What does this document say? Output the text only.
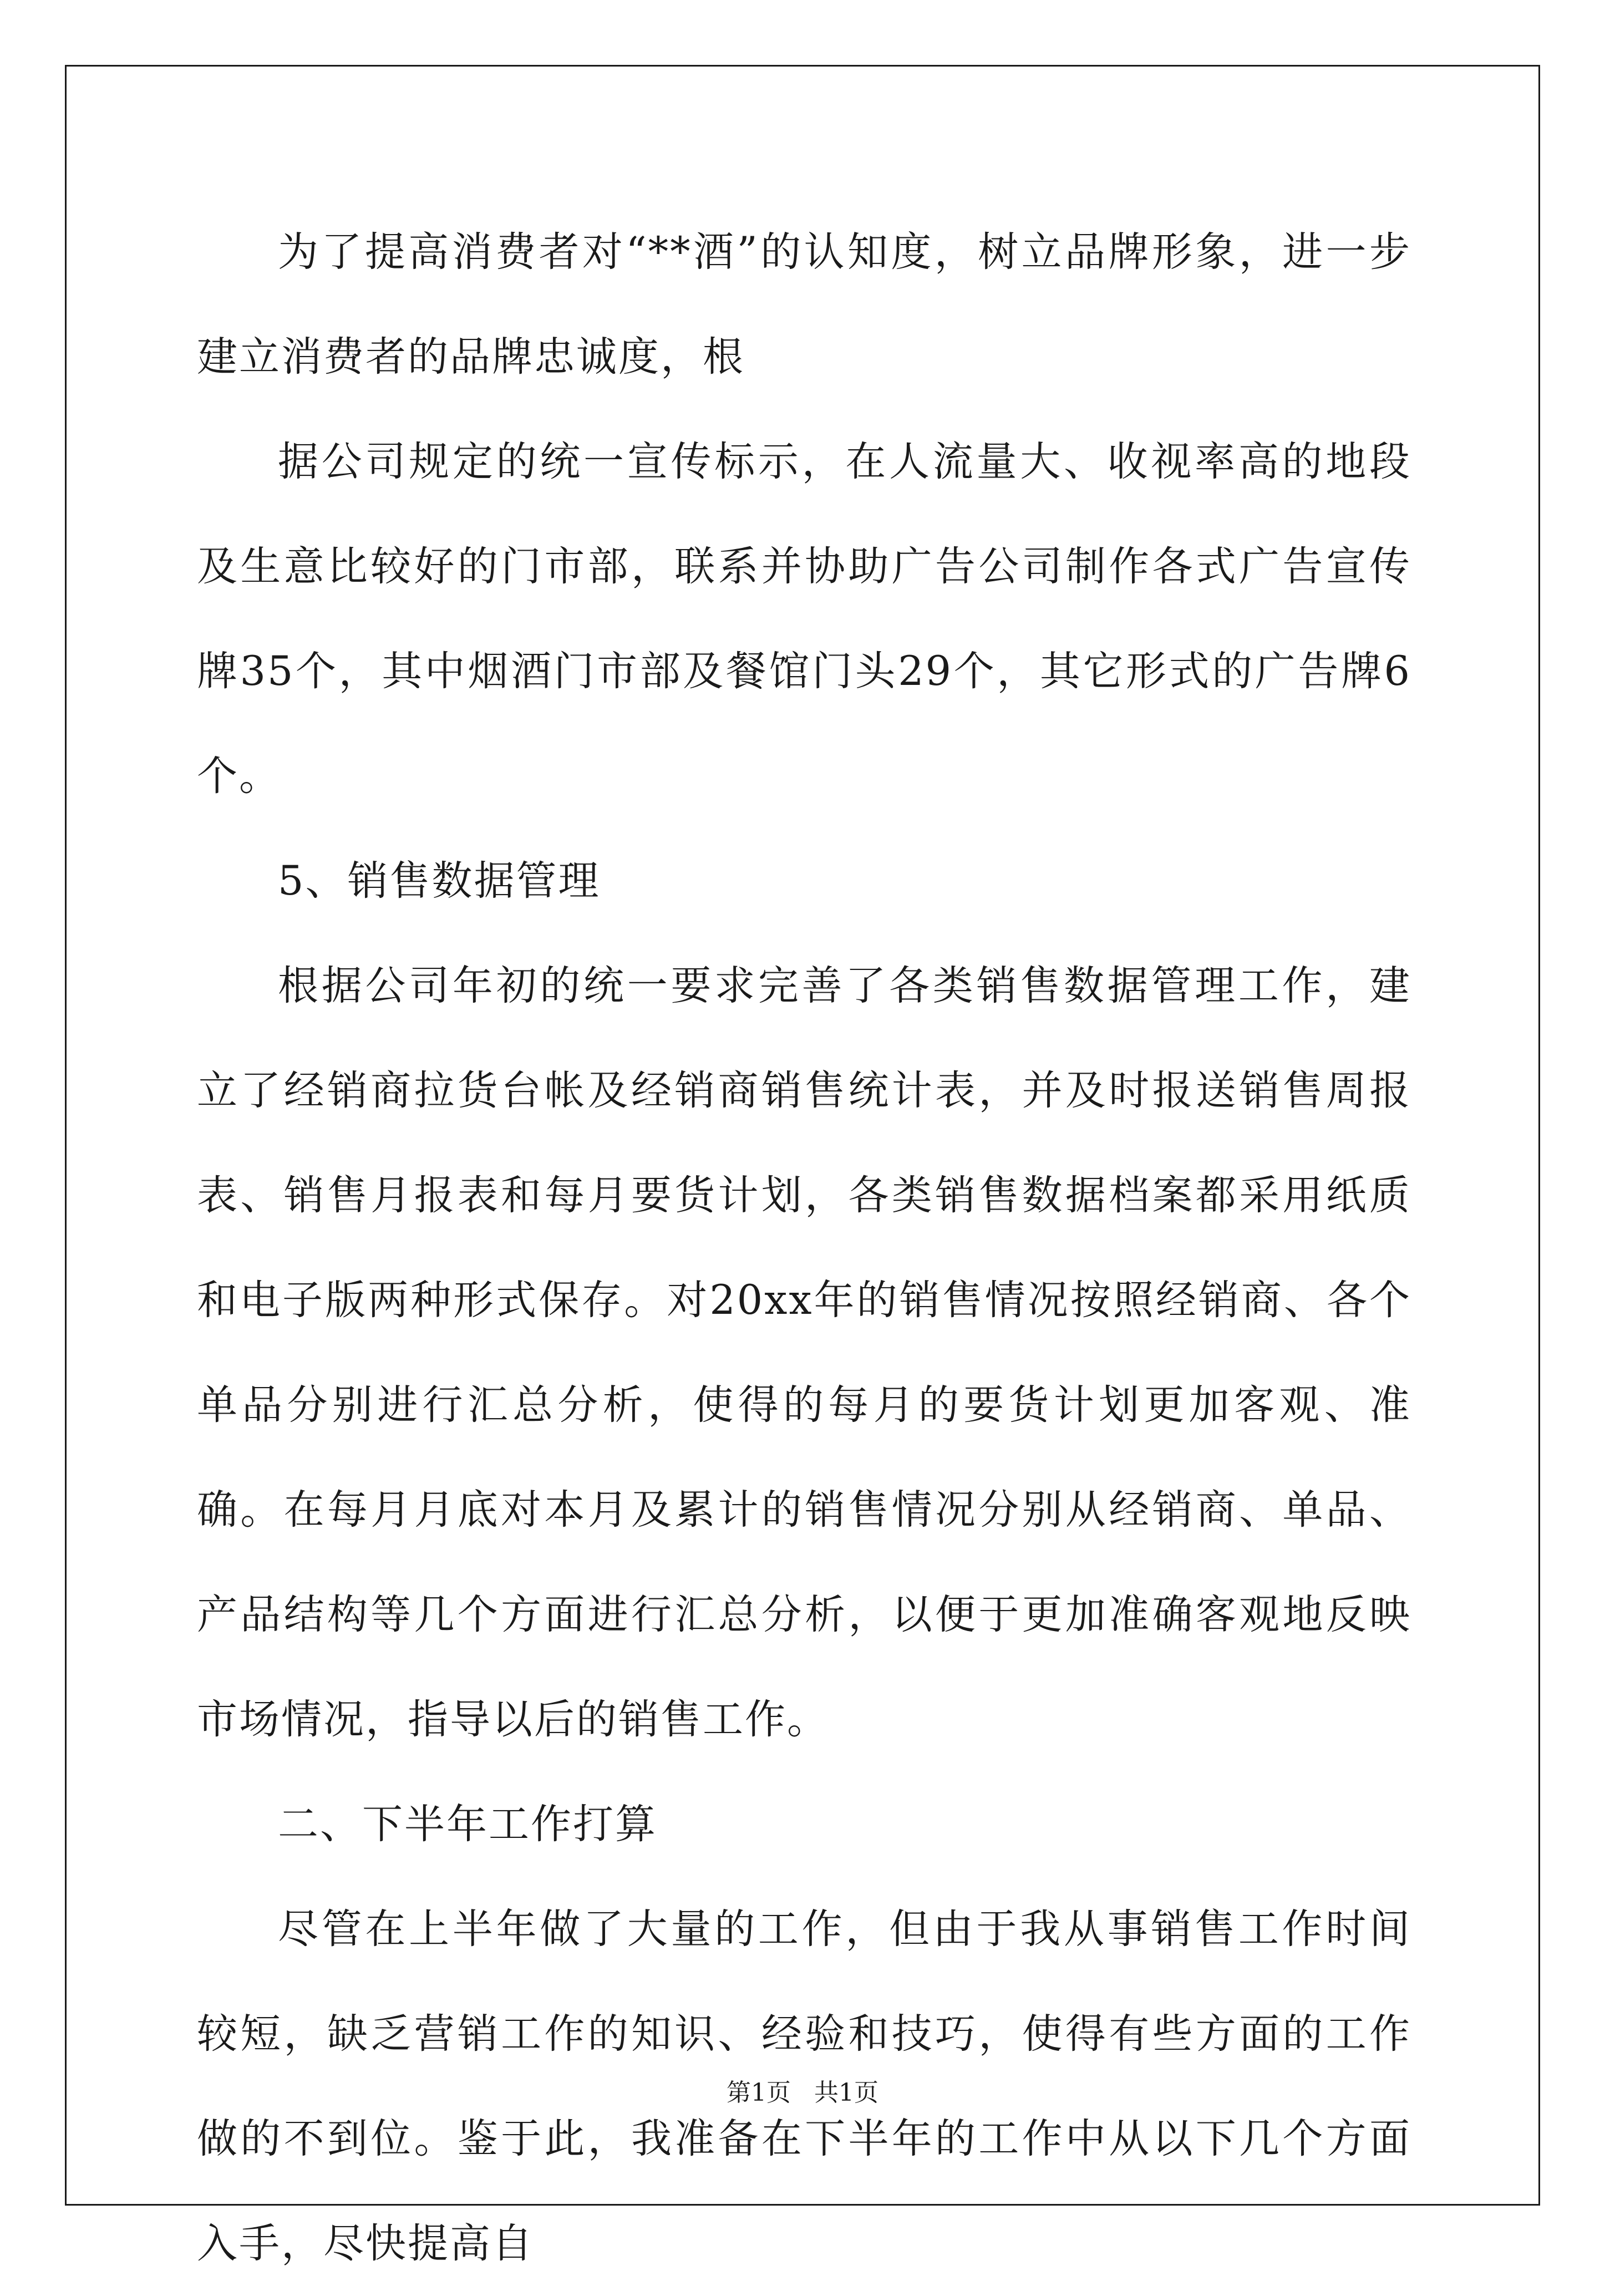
为了提高消费者对“**酒”的认知度，树立品牌形象，进一步建立消费者的品牌忠诚度，根

据公司规定的统一宣传标示，在人流量大、收视率高的地段及生意比较好的门市部，联系并协助广告公司制作各式广告宣传牌35个，其中烟酒门市部及餐馆门头29个，其它形式的广告牌6个。

5、销售数据管理

根据公司年初的统一要求完善了各类销售数据管理工作，建立了经销商拉货台帐及经销商销售统计表，并及时报送销售周报表、销售月报表和每月要货计划，各类销售数据档案都采用纸质和电子版两种形式保存。对20xx年的销售情况按照经销商、各个单品分别进行汇总分析，使得的每月的要货计划更加客观、准确。在每月月底对本月及累计的销售情况分别从经销商、单品、产品结构等几个方面进行汇总分析，以便于更加准确客观地反映市场情况，指导以后的销售工作。

二、下半年工作打算

尽管在上半年做了大量的工作，但由于我从事销售工作时间较短，缺乏营销工作的知识、经验和技巧，使得有些方面的工作做的不到位。鉴于此，我准备在下半年的工作中从以下几个方面入手，尽快提高自

第1页   共1页
